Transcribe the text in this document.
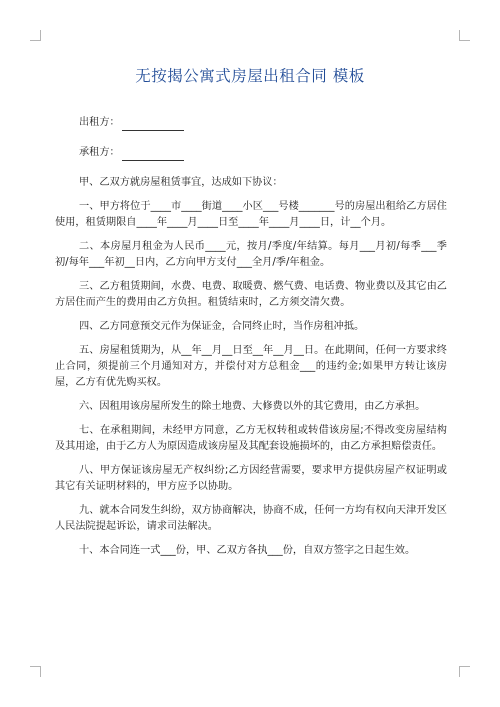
无按揭公寓式房屋出租合同 模板
出租方：
承租方：

甲、乙双方就房屋租赁事宜，达成如下协议：

一、甲方将位于____市____街道____小区___号楼_______号的房屋出租给乙方居住使用，租赁期限自____年____月____日至____年____月____日，计__个月。

二、本房屋月租金为人民币____元，按月/季度/年结算。每月___月初/每季___季初/每年___年初__日内，乙方向甲方支付___全月/季/年租金。

三、乙方租赁期间，水费、电费、取暖费、燃气费、电话费、物业费以及其它由乙方居住而产生的费用由乙方负担。租赁结束时，乙方须交清欠费。

四、乙方同意预交元作为保证金，合同终止时，当作房租冲抵。

五、房屋租赁期为，从__年__月__日至__年__月__日。在此期间，任何一方要求终止合同，须提前三个月通知对方，并偿付对方总租金___的违约金;如果甲方转让该房屋，乙方有优先购买权。

六、因租用该房屋所发生的除土地费、大修费以外的其它费用，由乙方承担。

七、在承租期间，未经甲方同意，乙方无权转租或转借该房屋;不得改变房屋结构及其用途，由于乙方人为原因造成该房屋及其配套设施损坏的，由乙方承担赔偿责任。

八、甲方保证该房屋无产权纠纷;乙方因经营需要，要求甲方提供房屋产权证明或其它有关证明材料的，甲方应予以协助。

九、就本合同发生纠纷，双方协商解决，协商不成，任何一方均有权向天津开发区人民法院提起诉讼，请求司法解决。

十、本合同连一式___份，甲、乙双方各执___份，自双方签字之日起生效。
